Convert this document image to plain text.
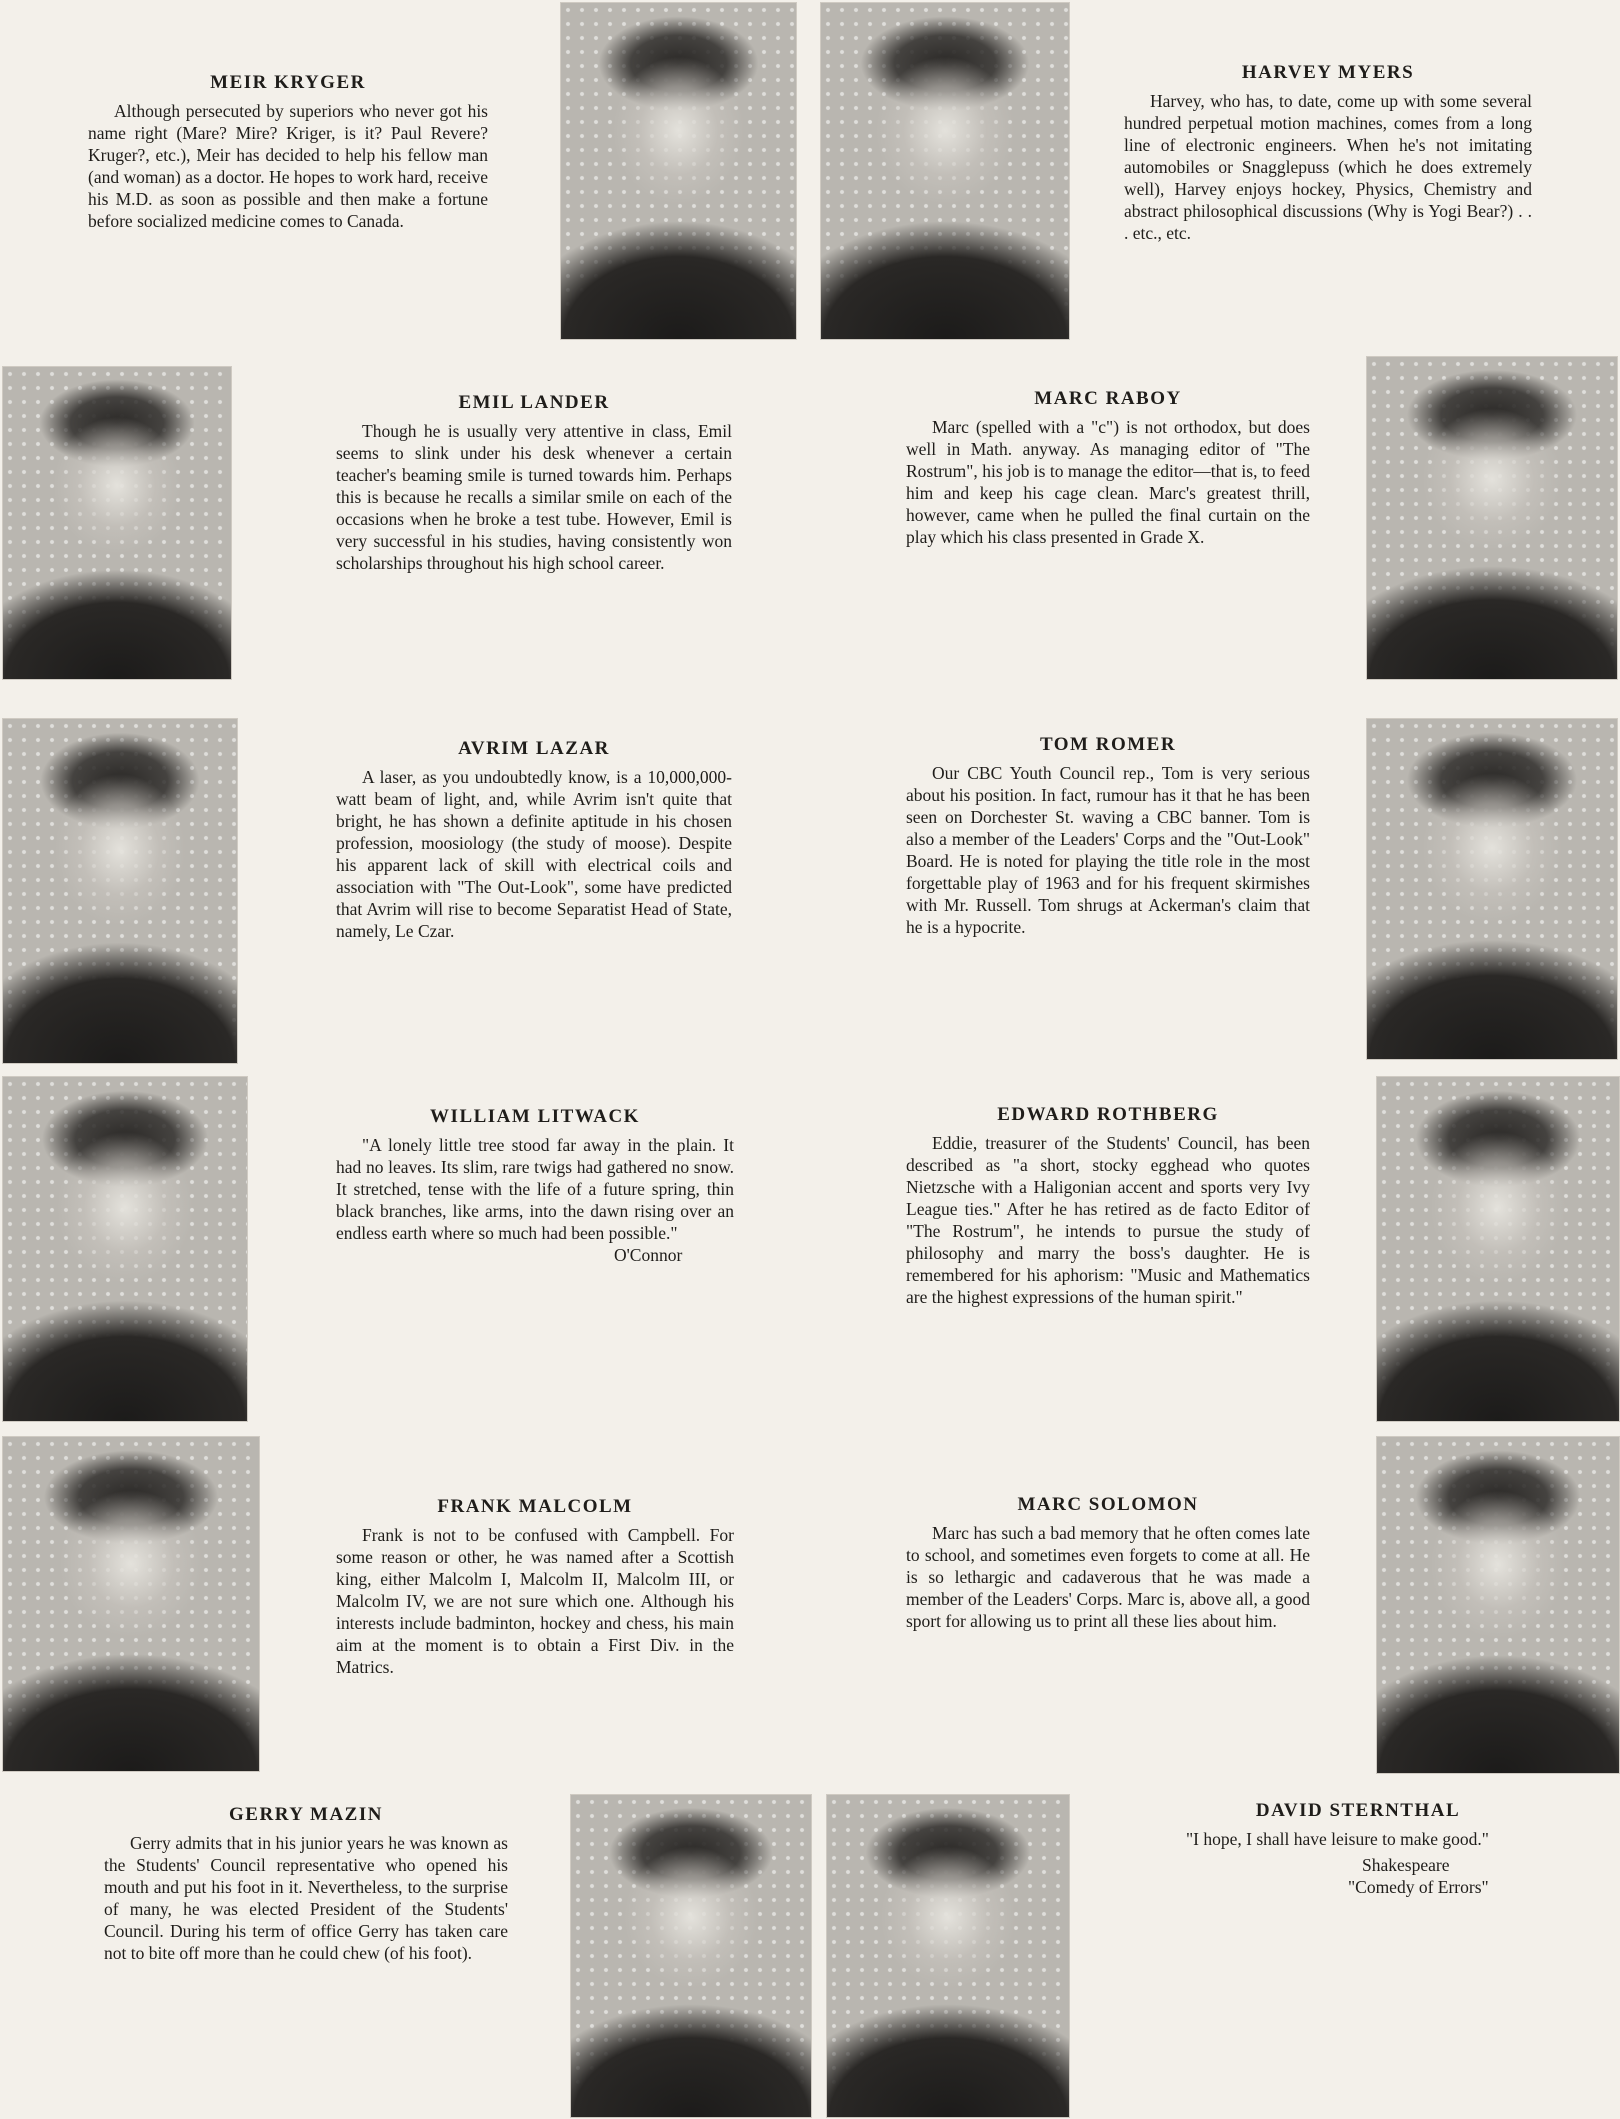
MEIR KRYGER

Although persecuted by superiors who never got his name right (Mare? Mire? Kriger, is it? Paul Revere? Kruger?, etc.), Meir has decided to help his fellow man (and woman) as a doctor. He hopes to work hard, receive his M.D. as soon as possible and then make a fortune before socialized medicine comes to Canada.

HARVEY MYERS

Harvey, who has, to date, come up with some several hundred perpetual motion machines, comes from a long line of electronic engineers. When he's not imitating automobiles or Snagglepuss (which he does extremely well), Harvey enjoys hockey, Physics, Chemistry and abstract philosophical discussions (Why is Yogi Bear?) . . . etc., etc.

EMIL LANDER

Though he is usually very attentive in class, Emil seems to slink under his desk whenever a certain teacher's beaming smile is turned towards him. Perhaps this is because he recalls a similar smile on each of the occasions when he broke a test tube. However, Emil is very successful in his studies, having consistently won scholarships throughout his high school career.

MARC RABOY

Marc (spelled with a "c") is not orthodox, but does well in Math. anyway. As managing editor of "The Rostrum", his job is to manage the editor—that is, to feed him and keep his cage clean. Marc's greatest thrill, however, came when he pulled the final curtain on the play which his class presented in Grade X.

AVRIM LAZAR

A laser, as you undoubtedly know, is a 10,000,000-watt beam of light, and, while Avrim isn't quite that bright, he has shown a definite aptitude in his chosen profession, moosiology (the study of moose). Despite his apparent lack of skill with electrical coils and association with "The Out-Look", some have predicted that Avrim will rise to become Separatist Head of State, namely, Le Czar.

TOM ROMER

Our CBC Youth Council rep., Tom is very serious about his position. In fact, rumour has it that he has been seen on Dorchester St. waving a CBC banner. Tom is also a member of the Leaders' Corps and the "Out-Look" Board. He is noted for playing the title role in the most forgettable play of 1963 and for his frequent skirmishes with Mr. Russell. Tom shrugs at Ackerman's claim that he is a hypocrite.

WILLIAM LITWACK

"A lonely little tree stood far away in the plain. It had no leaves. Its slim, rare twigs had gathered no snow. It stretched, tense with the life of a future spring, thin black branches, like arms, into the dawn rising over an endless earth where so much had been possible."

O'Connor

EDWARD ROTHBERG

Eddie, treasurer of the Students' Council, has been described as "a short, stocky egghead who quotes Nietzsche with a Haligonian accent and sports very Ivy League ties." After he has retired as de facto Editor of "The Rostrum", he intends to pursue the study of philosophy and marry the boss's daughter. He is remembered for his aphorism: "Music and Mathematics are the highest expressions of the human spirit."

FRANK MALCOLM

Frank is not to be confused with Campbell. For some reason or other, he was named after a Scottish king, either Malcolm I, Malcolm II, Malcolm III, or Malcolm IV, we are not sure which one. Although his interests include badminton, hockey and chess, his main aim at the moment is to obtain a First Div. in the Matrics.

MARC SOLOMON

Marc has such a bad memory that he often comes late to school, and sometimes even forgets to come at all. He is so lethargic and cadaverous that he was made a member of the Leaders' Corps. Marc is, above all, a good sport for allowing us to print all these lies about him.

GERRY MAZIN

Gerry admits that in his junior years he was known as the Students' Council representative who opened his mouth and put his foot in it. Nevertheless, to the surprise of many, he was elected President of the Students' Council. During his term of office Gerry has taken care not to bite off more than he could chew (of his foot).

DAVID STERNTHAL

"I hope, I shall have leisure to make good."

Shakespeare

"Comedy of Errors"
